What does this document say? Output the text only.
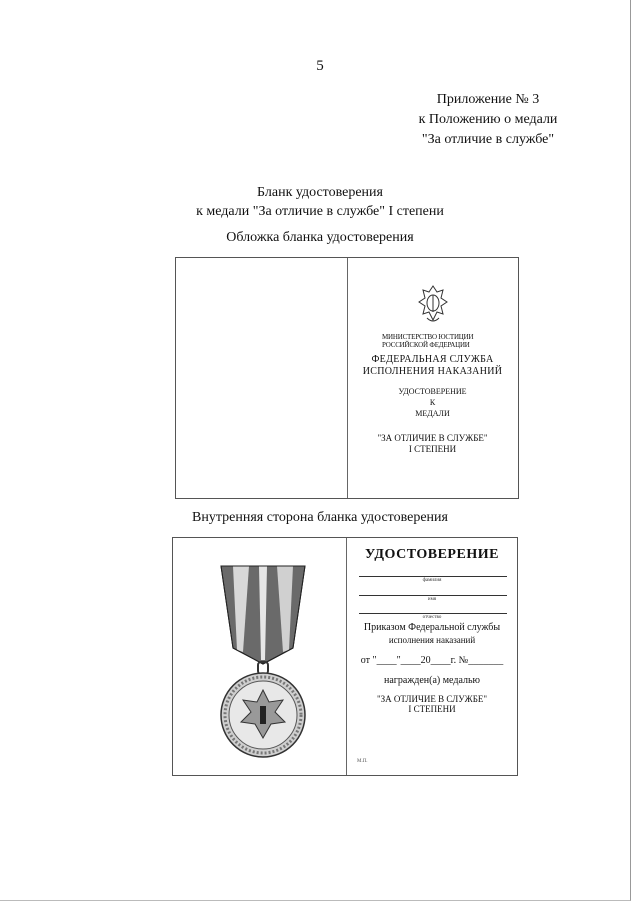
5
Приложение № 3
к Положению о медали
"За отличие в службе"
Бланк удостоверения
к медали "За отличие в службе" I степени
Обложка бланка удостоверения
МИНИСТЕРСТВО ЮСТИЦИИ
РОССИЙСКОЙ ФЕДЕРАЦИИ
ФЕДЕРАЛЬНАЯ СЛУЖБА
ИСПОЛНЕНИЯ НАКАЗАНИЙ
УДОСТОВЕРЕНИЕ
К
МЕДАЛИ
"ЗА ОТЛИЧИЕ В СЛУЖБЕ"
I СТЕПЕНИ
Внутренняя сторона бланка удостоверения
УДОСТОВЕРЕНИЕ
фамилия
имя
отчество
Приказом Федеральной службы
исполнения наказаний
от "____"____20____г. №_______
награжден(а) медалью
"ЗА ОТЛИЧИЕ В СЛУЖБЕ"
I СТЕПЕНИ
М.П.
